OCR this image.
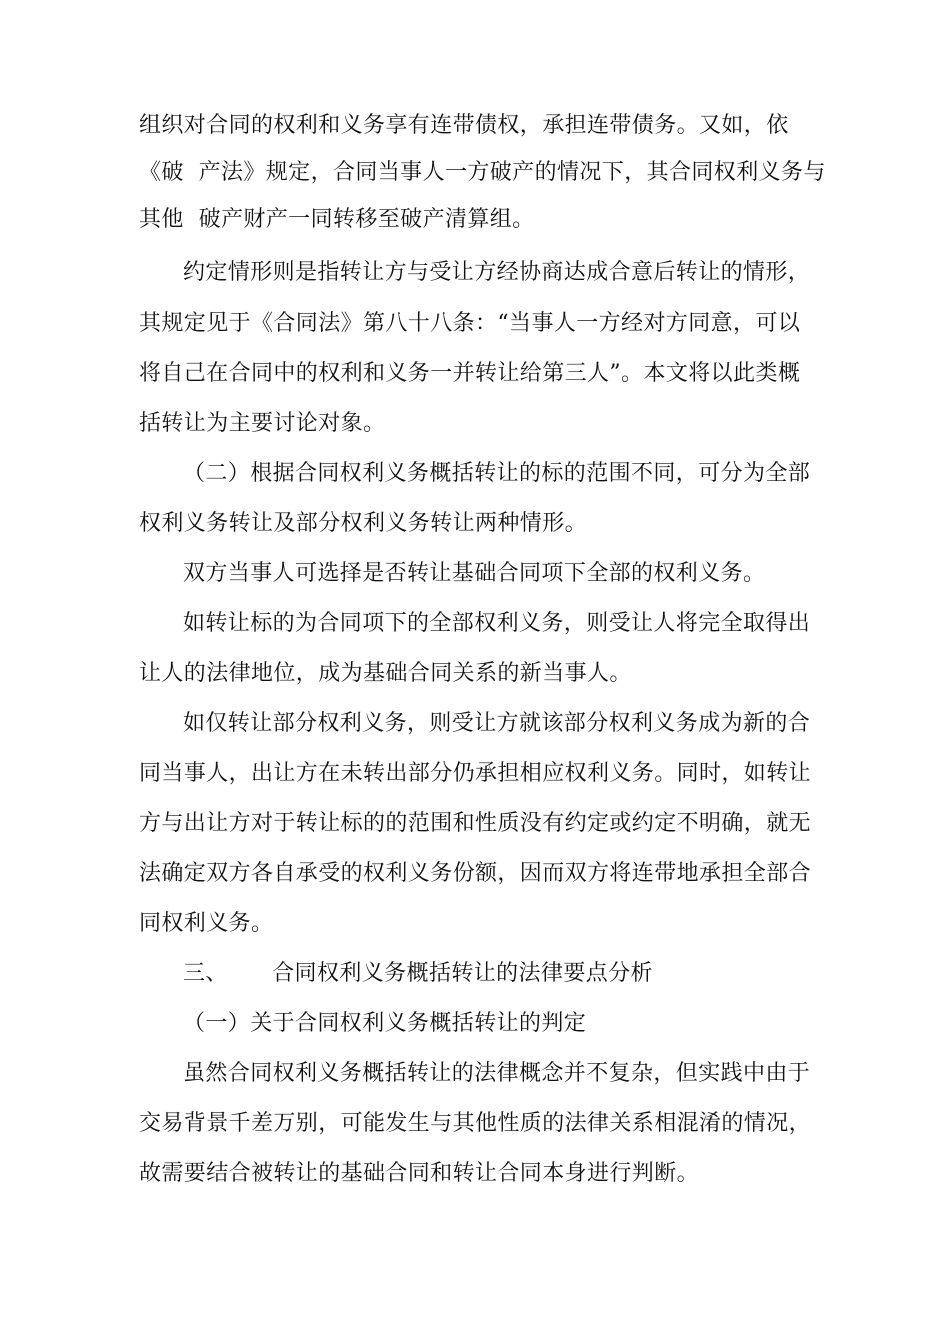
组织对合同的权利和义务享有连带债权，承担连带债务。又如，依
《破  产法》规定，合同当事人一方破产的情况下，其合同权利义务与
其他  破产财产一同转移至破产清算组。
约定情形则是指转让方与受让方经协商达成合意后转让的情形，
其规定见于《合同法》第八十八条：“当事人一方经对方同意，可以
将自己在合同中的权利和义务一并转让给第三人”。本文将以此类概
括转让为主要讨论对象。
（二）根据合同权利义务概括转让的标的范围不同，可分为全部
权利义务转让及部分权利义务转让两种情形。
双方当事人可选择是否转让基础合同项下全部的权利义务。
如转让标的为合同项下的全部权利义务，则受让人将完全取得出
让人的法律地位，成为基础合同关系的新当事人。
如仅转让部分权利义务，则受让方就该部分权利义务成为新的合
同当事人，出让方在未转出部分仍承担相应权利义务。同时，如转让
方与出让方对于转让标的的范围和性质没有约定或约定不明确，就无
法确定双方各自承受的权利义务份额，因而双方将连带地承担全部合
同权利义务。
三、      合同权利义务概括转让的法律要点分析
（一）关于合同权利义务概括转让的判定
虽然合同权利义务概括转让的法律概念并不复杂，但实践中由于
交易背景千差万别，可能发生与其他性质的法律关系相混淆的情况，
故需要结合被转让的基础合同和转让合同本身进行判断。
